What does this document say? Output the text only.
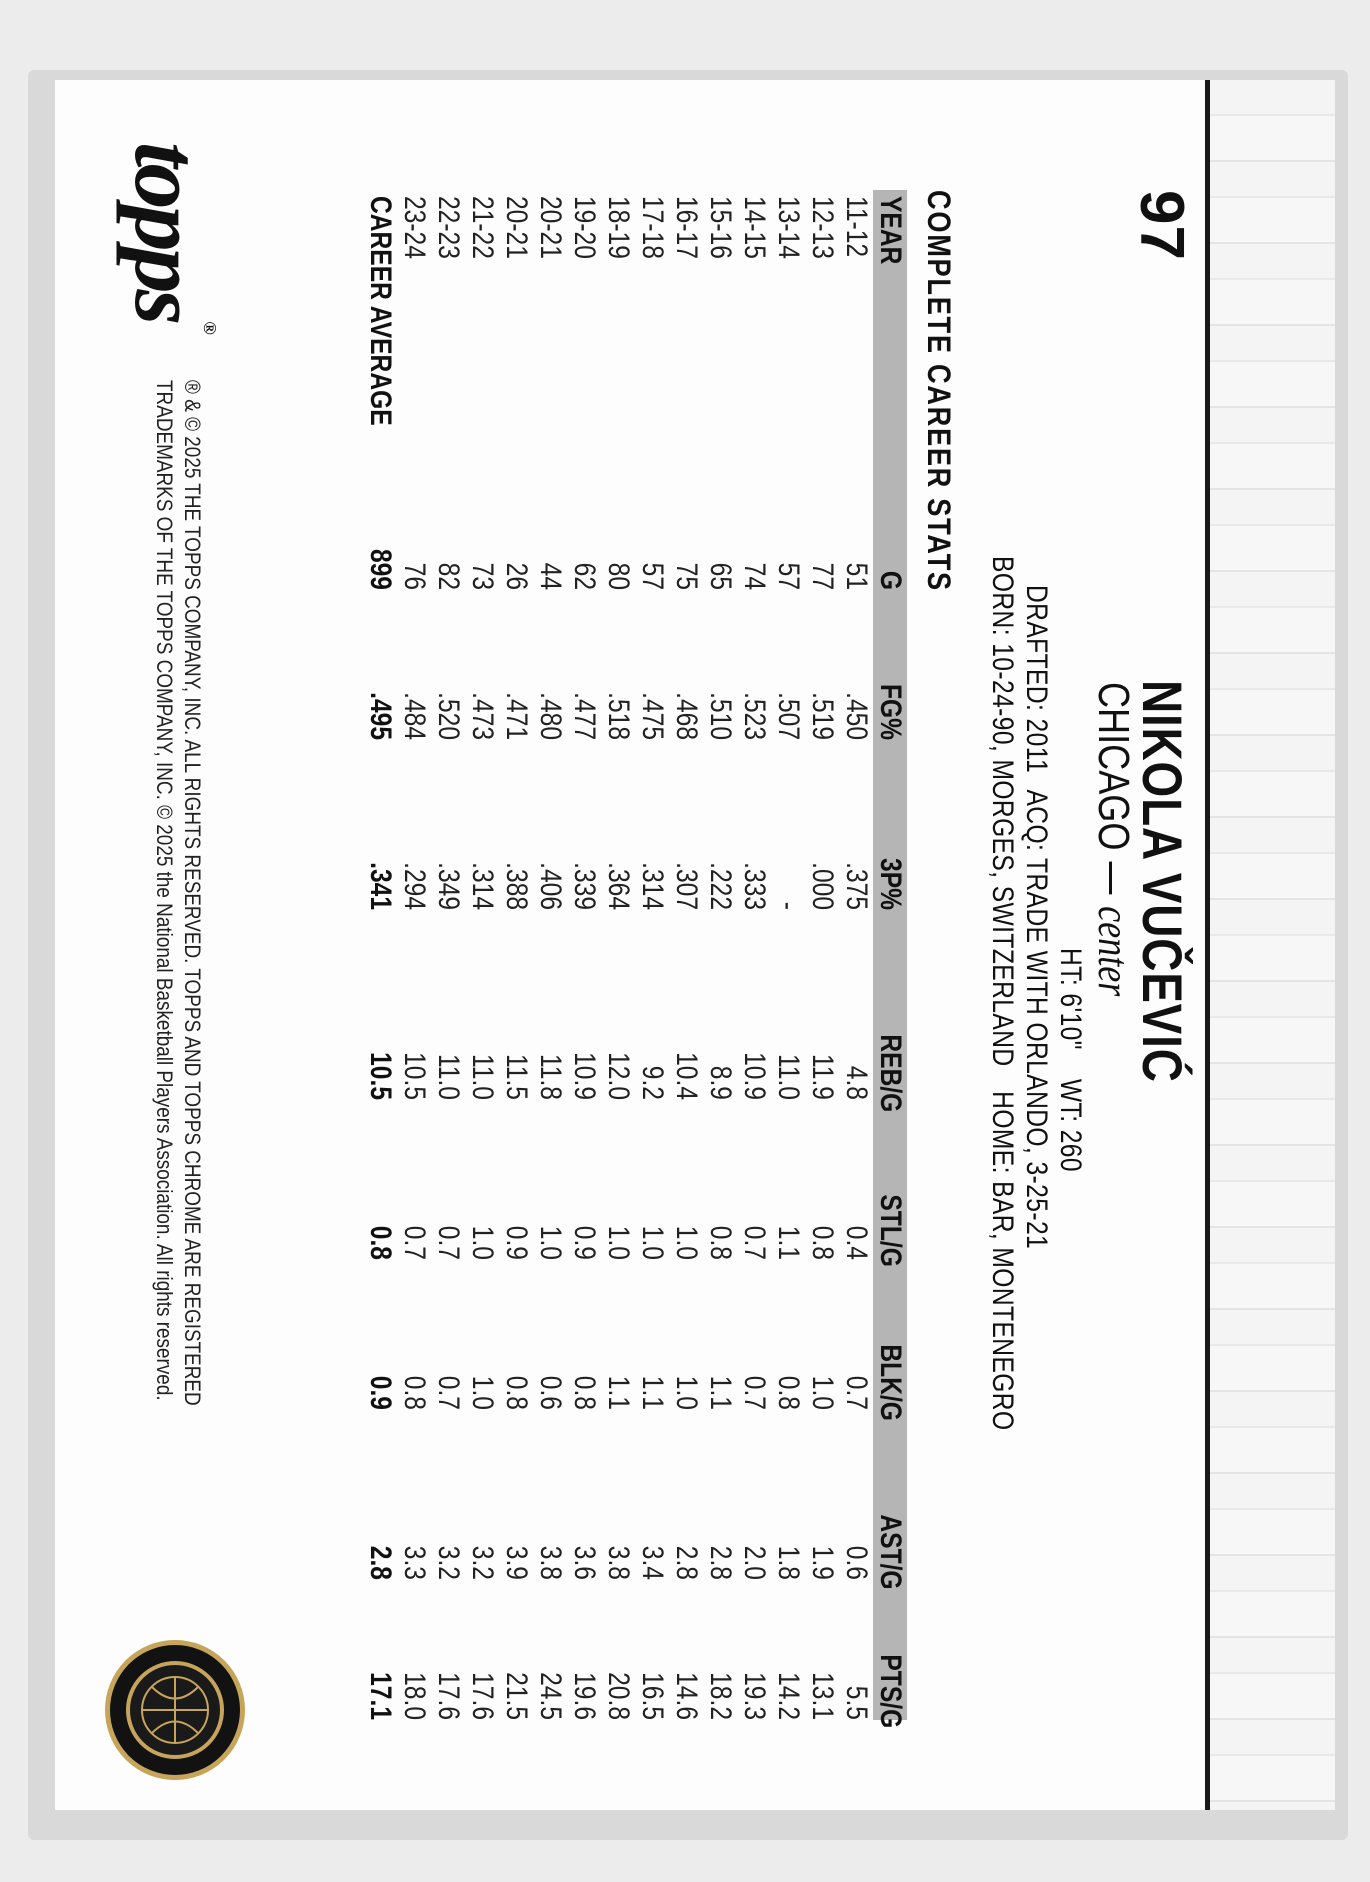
97
NIKOLA VUČEVIĆ
CHICAGOcenter
HT: 6'10"    WT: 260
DRAFTED: 2011ACQ: TRADE WITH ORLANDO, 3-25-21
BORN: 10-24-90, MORGES, SWITZERLANDHOME: BAR, MONTENEGRO
COMPLETE CAREER STATS
YEAR
G
FG%
3P%
REB/G
STL/G
BLK/G
AST/G
PTS/G
11-12
51
.450
.375
4.8
0.4
0.7
0.6
5.5
12-13
77
.519
.000
11.9
0.8
1.0
1.9
13.1
13-14
57
.507
-
11.0
1.1
0.8
1.8
14.2
14-15
74
.523
.333
10.9
0.7
0.7
2.0
19.3
15-16
65
.510
.222
8.9
0.8
1.1
2.8
18.2
16-17
75
.468
.307
10.4
1.0
1.0
2.8
14.6
17-18
57
.475
.314
9.2
1.0
1.1
3.4
16.5
18-19
80
.518
.364
12.0
1.0
1.1
3.8
20.8
19-20
62
.477
.339
10.9
0.9
0.8
3.6
19.6
20-21
44
.480
.406
11.8
1.0
0.6
3.8
24.5
20-21
26
.471
.388
11.5
0.9
0.8
3.9
21.5
21-22
73
.473
.314
11.0
1.0
1.0
3.2
17.6
22-23
82
.520
.349
11.0
0.7
0.7
3.2
17.6
23-24
76
.484
.294
10.5
0.7
0.8
3.3
18.0
CAREER AVERAGE
899
.495
.341
10.5
0.8
0.9
2.8
17.1
topps®
® & © 2025 THE TOPPS COMPANY, INC. ALL RIGHTS RESERVED. TOPPS AND TOPPS CHROME ARE REGISTERED
TRADEMARKS OF THE TOPPS COMPANY, INC. © 2025 the National Basketball Players Association. All rights reserved.
